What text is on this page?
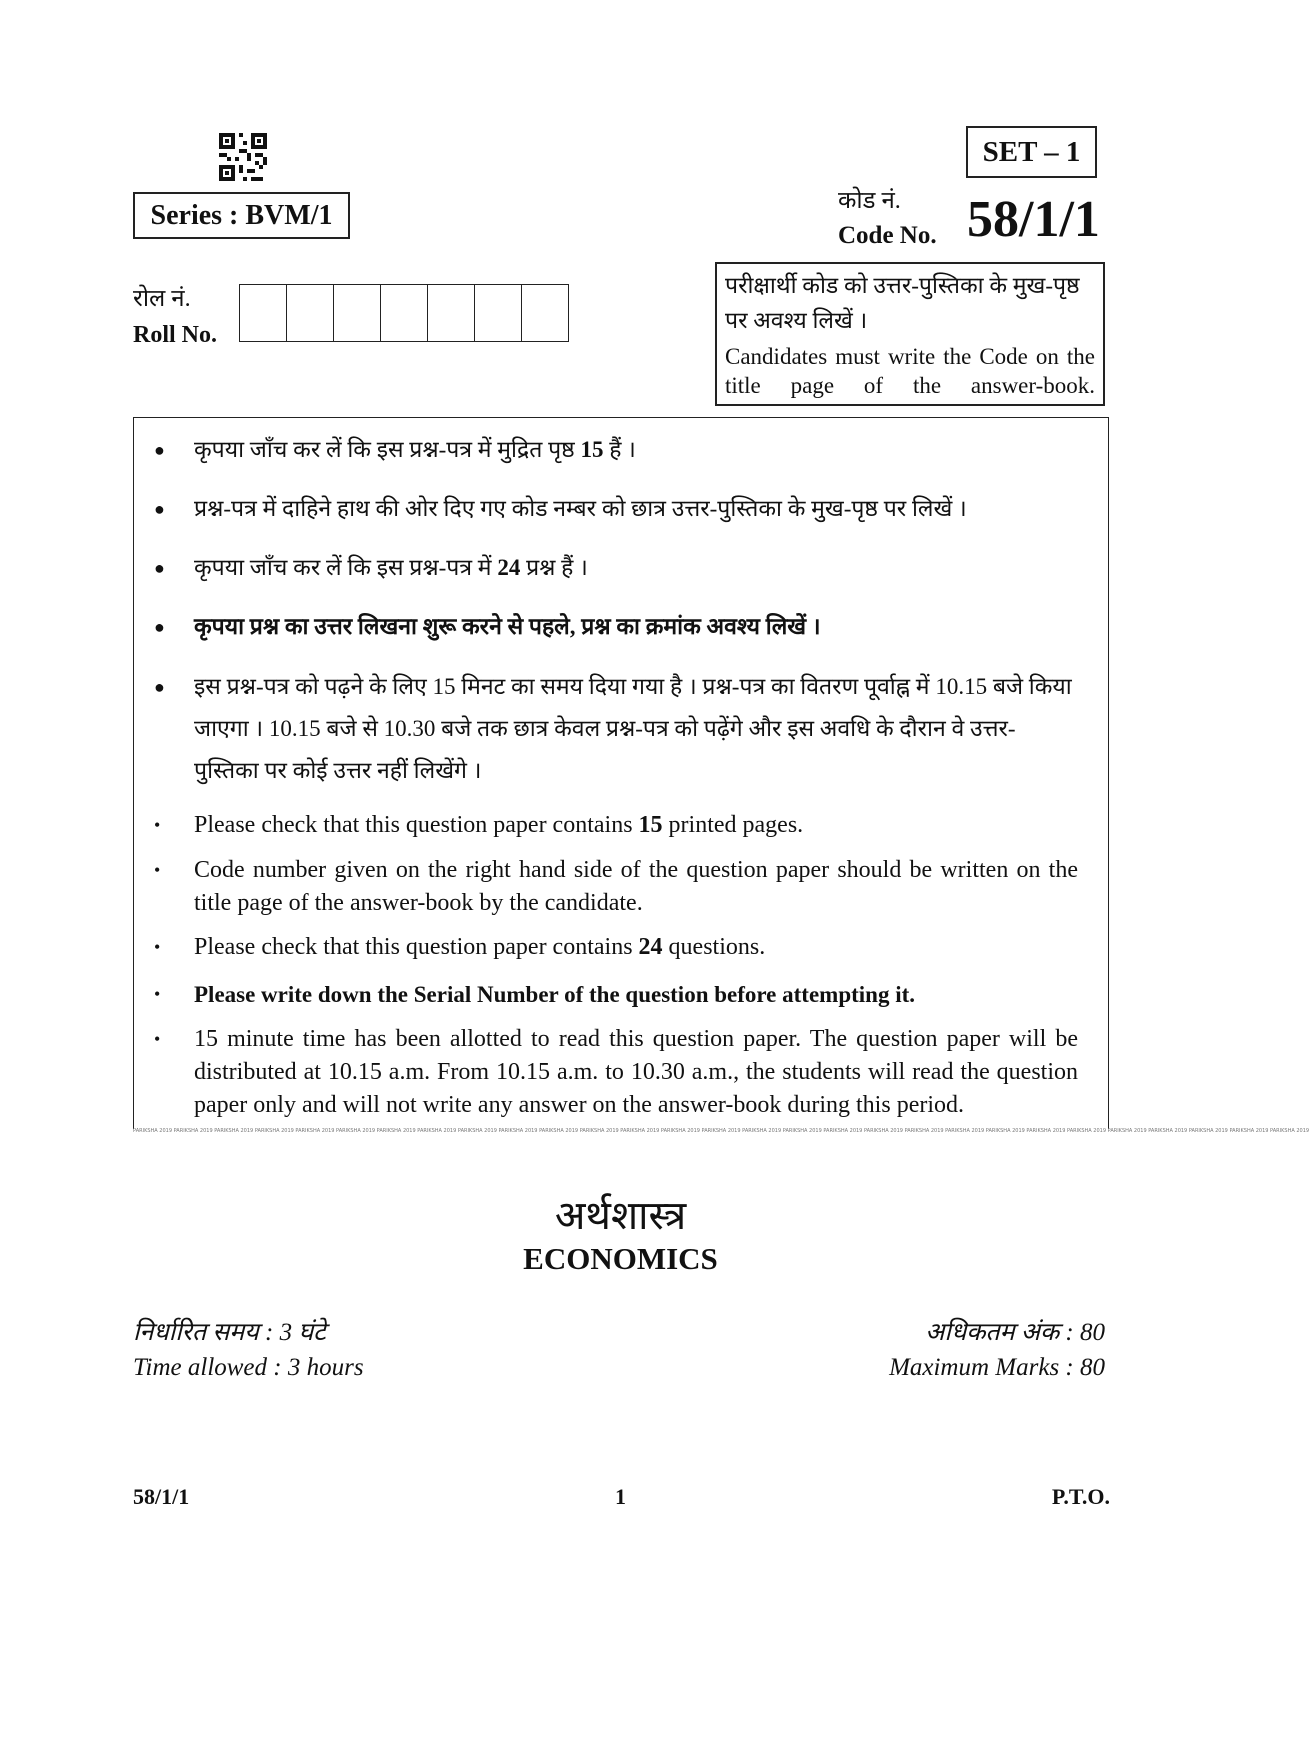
SET – 1
Series : BVM/1	कोड नं.
Code No. 58/1/1
रोल नं.
Roll No.
परीक्षार्थी कोड को उत्तर-पुस्तिका के मुख-पृष्ठ पर अवश्य लिखें ।
Candidates must write the Code on the title page of the answer-book.
● कृपया जाँच कर लें कि इस प्रश्न-पत्र में मुद्रित पृष्ठ 15 हैं ।
● प्रश्न-पत्र में दाहिने हाथ की ओर दिए गए कोड नम्बर को छात्र उत्तर-पुस्तिका के मुख-पृष्ठ पर लिखें ।
● कृपया जाँच कर लें कि इस प्रश्न-पत्र में 24 प्रश्न हैं ।
● कृपया प्रश्न का उत्तर लिखना शुरू करने से पहले, प्रश्न का क्रमांक अवश्य लिखें ।
● इस प्रश्न-पत्र को पढ़ने के लिए 15 मिनट का समय दिया गया है । प्रश्न-पत्र का वितरण पूर्वाह्न में 10.15 बजे किया जाएगा । 10.15 बजे से 10.30 बजे तक छात्र केवल प्रश्न-पत्र को पढ़ेंगे और इस अवधि के दौरान वे उत्तर-पुस्तिका पर कोई उत्तर नहीं लिखेंगे ।
• Please check that this question paper contains 15 printed pages.
• Code number given on the right hand side of the question paper should be written on the title page of the answer-book by the candidate.
• Please check that this question paper contains 24 questions.
• Please write down the Serial Number of the question before attempting it.
• 15 minute time has been allotted to read this question paper. The question paper will be distributed at 10.15 a.m. From 10.15 a.m. to 10.30 a.m., the students will read the question paper only and will not write any answer on the answer-book during this period.
PARIKSHA 2019 PARIKSHA 2019 PARIKSHA 2019 PARIKSHA 2019 PARIKSHA 2019 PARIKSHA 2019 PARIKSHA 2019 PARIKSHA 2019 PARIKSHA 2019 PARIKSHA 2019 PARIKSHA 2019 PARIKSHA 2019 PARIKSHA 2019 PARIKSHA 2019 PARIKSHA 2019 PARIKSHA 2019 PARIKSHA 2019 PARIKSHA 2019 PARIKSHA 2019 PARIKSHA 2019 PARIKSHA 2019 PARIKSHA 2019 PARIKSHA 2019 PARIKSHA 2019 PARIKSHA 2019 PARIKSHA 2019 PARIKSHA 2019 PARIKSHA 2019 PARIKSHA 2019
अर्थशास्त्र
ECONOMICS
निर्धारित समय : 3 घंटे
Time allowed : 3 hours
अधिकतम अंक : 80
Maximum Marks : 80
58/1/1	1	P.T.O.
